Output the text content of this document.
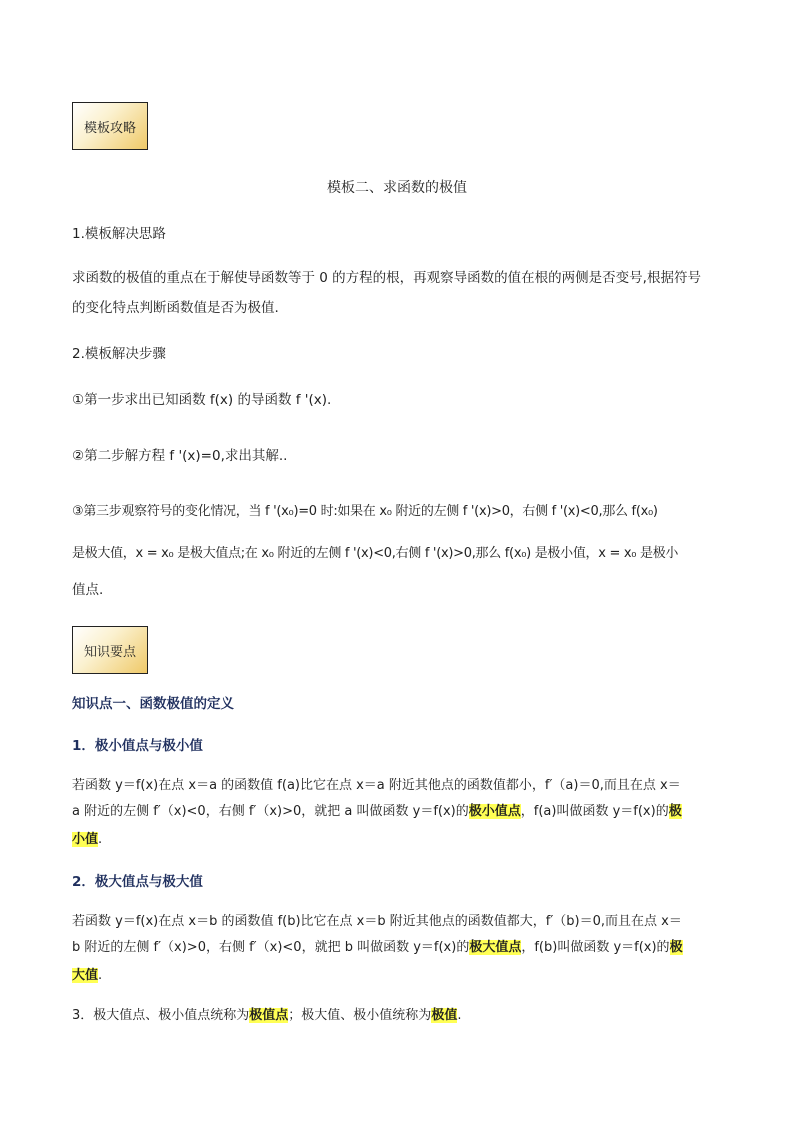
模板攻略
模板二、求函数的极值
1.模板解决思路
求函数的极值的重点在于解使导函数等于 0 的方程的根，再观察导函数的值在根的两侧是否变号,根据符号
的变化特点判断函数值是否为极值.
2.模板解决步骤
①第一步求出已知函数 f(x) 的导函数 f '(x).
②第二步解方程 f '(x)=0,求出其解..
③第三步观察符号的变化情况，当 f '(x₀)=0 时:如果在 x₀ 附近的左侧 f '(x)>0，右侧 f '(x)<0,那么 f(x₀)
是极大值，x = x₀ 是极大值点;在 x₀ 附近的左侧 f '(x)<0,右侧 f '(x)>0,那么 f(x₀) 是极小值，x = x₀ 是极小
值点.
知识要点
知识点一、函数极值的定义
1．极小值点与极小值
若函数 y＝f(x)在点 x＝a 的函数值 f(a)比它在点 x＝a 附近其他点的函数值都小，f′（a)＝0,而且在点 x＝
a 附近的左侧 f′（x)<0，右侧 f′（x)>0，就把 a 叫做函数 y＝f(x)的极小值点，f(a)叫做函数 y＝f(x)的极
小值.
2．极大值点与极大值
若函数 y＝f(x)在点 x＝b 的函数值 f(b)比它在点 x＝b 附近其他点的函数值都大，f′（b)＝0,而且在点 x＝
b 附近的左侧 f′（x)>0，右侧 f′（x)<0，就把 b 叫做函数 y＝f(x)的极大值点，f(b)叫做函数 y＝f(x)的极
大值.
3．极大值点、极小值点统称为极值点；极大值、极小值统称为极值.
